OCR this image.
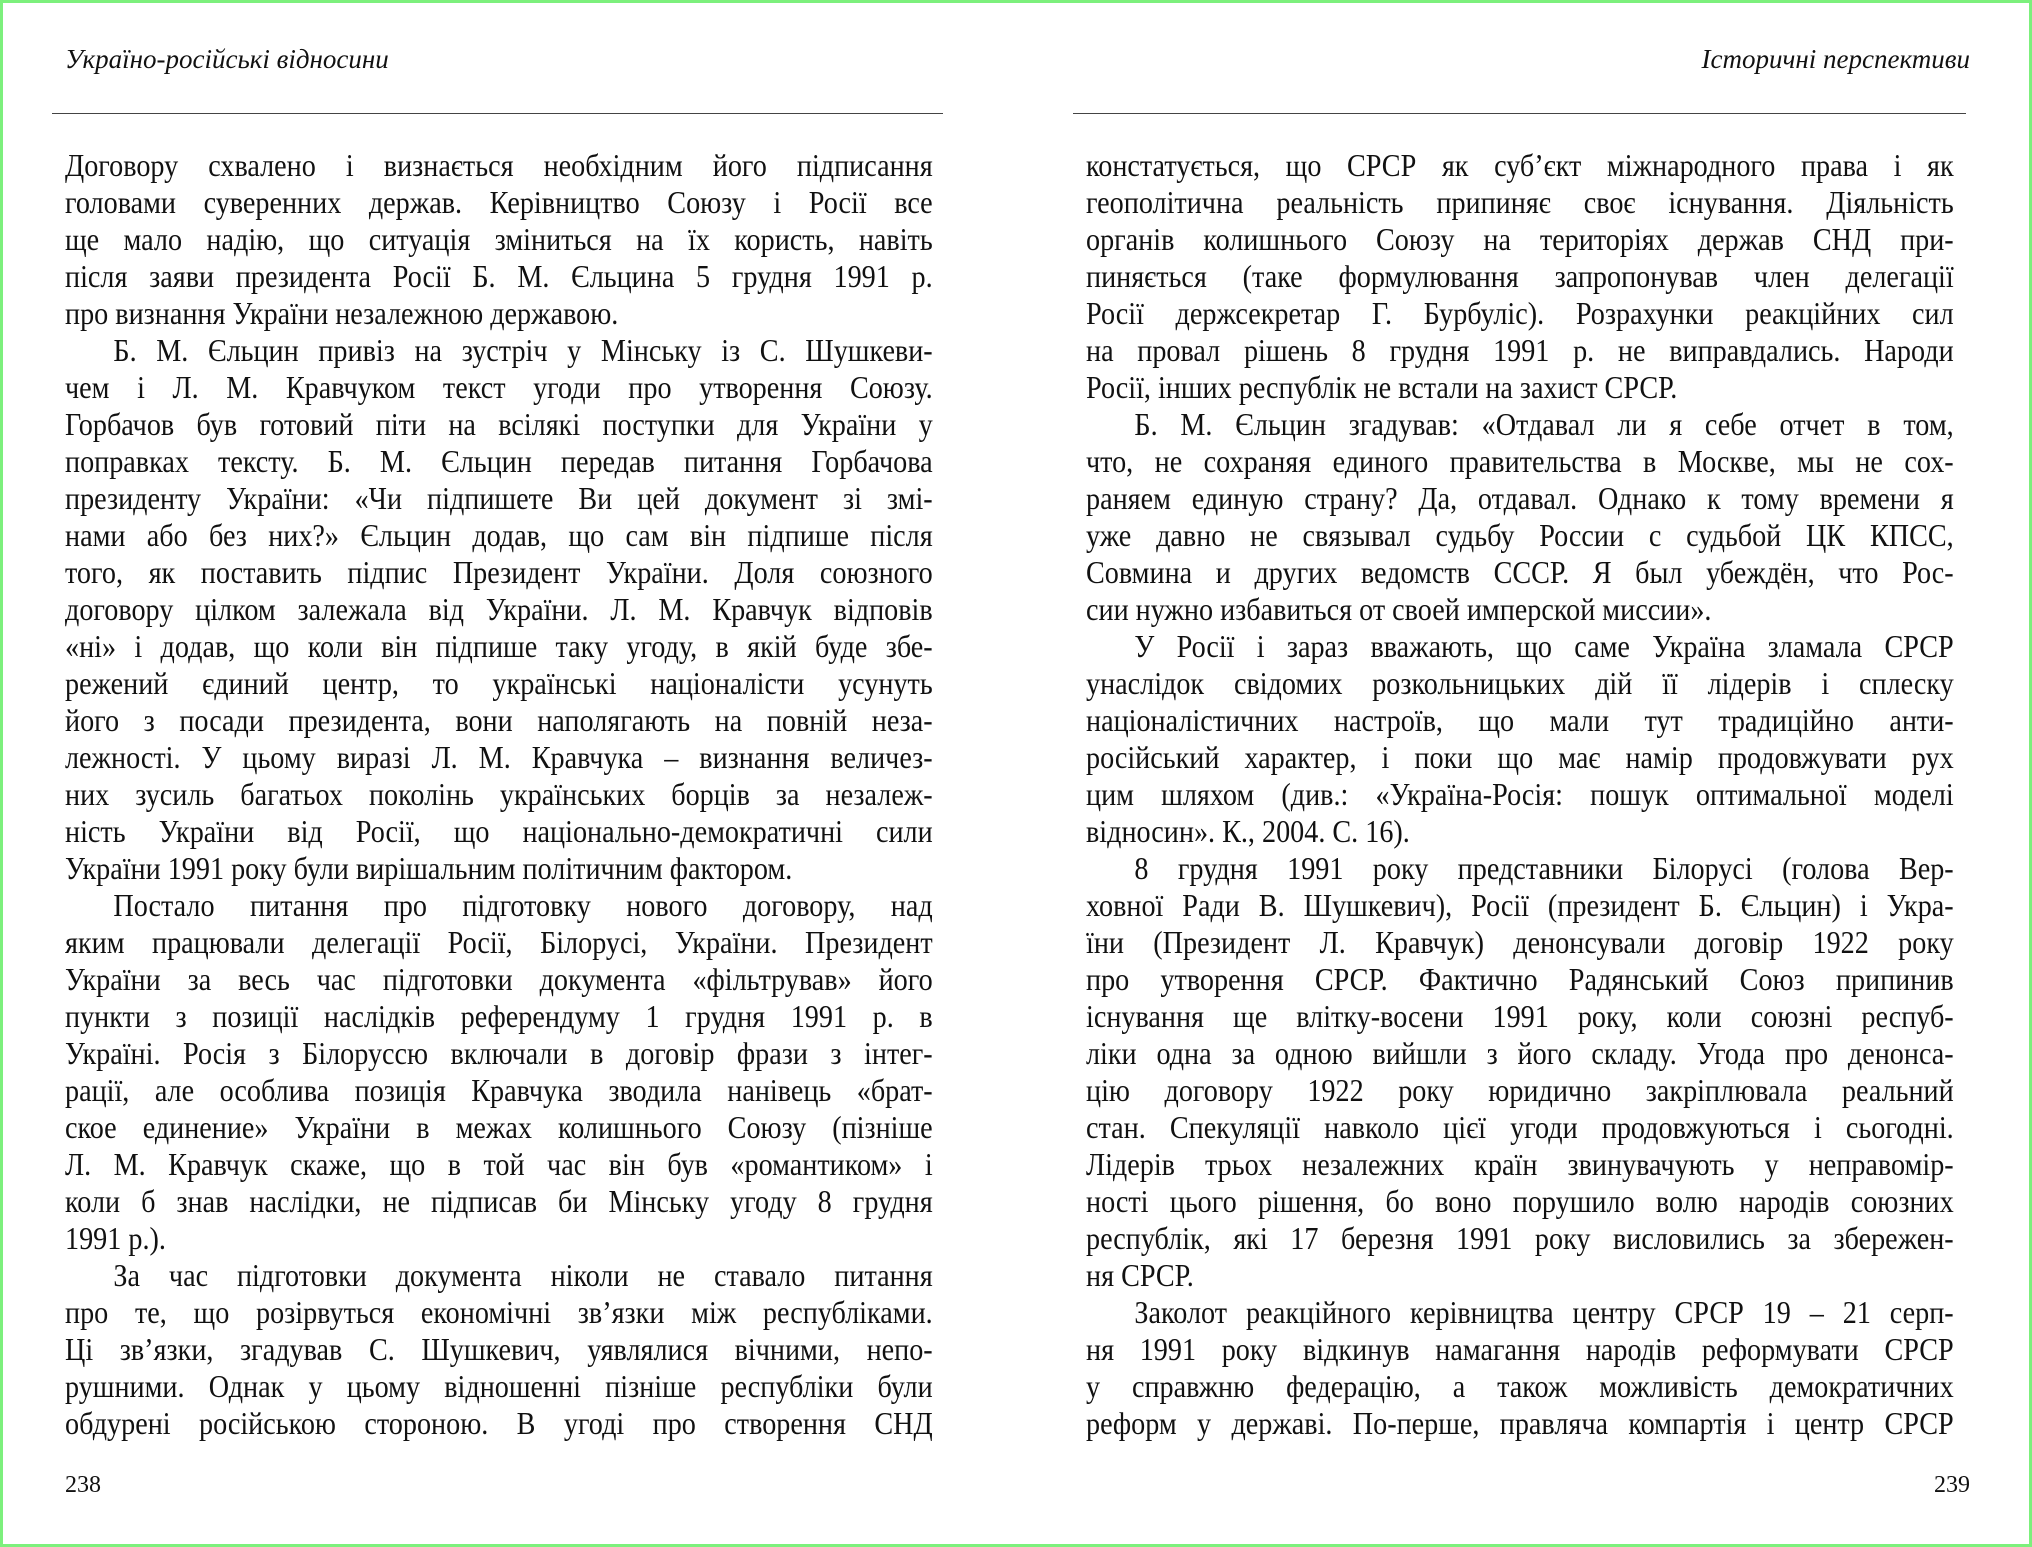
Україно-російські відносини
Договору схвалено і визнається необхідним його підписання
головами суверенних держав. Керівництво Союзу і Росії все
ще мало надію, що ситуація зміниться на їх користь, навіть
після заяви президента Росії Б. М. Єльцина 5 грудня 1991 р.
про визнання України незалежною державою.
Б. М. Єльцин привіз на зустріч у Мінську із С. Шушкеви-
чем і Л. М. Кравчуком текст угоди про утворення Союзу.
Горбачов був готовий піти на всілякі поступки для України у
поправках тексту. Б. М. Єльцин передав питання Горбачова
президенту України: «Чи підпишете Ви цей документ зі змі-
нами або без них?» Єльцин додав, що сам він підпише після
того, як поставить підпис Президент України. Доля союзного
договору цілком залежала від України. Л. М. Кравчук відповів
«ні» і додав, що коли він підпише таку угоду, в якій буде збе-
режений єдиний центр, то українські націоналісти усунуть
його з посади президента, вони наполягають на повній неза-
лежності. У цьому виразі Л. М. Кравчука – визнання величез-
них зусиль багатьох поколінь українських борців за незалеж-
ність України від Росії, що національно-демократичні сили
України 1991 року були вирішальним політичним фактором.
Постало питання про підготовку нового договору, над
яким працювали делегації Росії, Білорусі, України. Президент
України за весь час підготовки документа «фільтрував» його
пункти з позиції наслідків референдуму 1 грудня 1991 р. в
Україні. Росія з Білоруссю включали в договір фрази з інтег-
рації, але особлива позиція Кравчука зводила нанівець «брат-
ское единение» України в межах колишнього Союзу (пізніше
Л. М. Кравчук скаже, що в той час він був «романтиком» і
коли б знав наслідки, не підписав би Мінську угоду 8 грудня
1991 р.).
За час підготовки документа ніколи не ставало питання
про те, що розірвуться економічні зв’язки між республіками.
Ці зв’язки, згадував С. Шушкевич, уявлялися вічними, непо-
рушними. Однак у цьому відношенні пізніше республіки були
обдурені російською стороною. В угоді про створення СНД
238
Історичні перспективи
констатується, що СРСР як суб’єкт міжнародного права і як
геополітична реальність припиняє своє існування. Діяльність
органів колишнього Союзу на територіях держав СНД при-
пиняється (таке формулювання запропонував член делегації
Росії держсекретар Г. Бурбуліс). Розрахунки реакційних сил
на провал рішень 8 грудня 1991 р. не виправдались. Народи
Росії, інших республік не встали на захист СРСР.
Б. М. Єльцин згадував: «Отдавал ли я себе отчет в том,
что, не сохраняя единого правительства в Москве, мы не сох-
раняем единую страну? Да, отдавал. Однако к тому времени я
уже давно не связывал судьбу России с судьбой ЦК КПСС,
Совмина и других ведомств СССР. Я был убеждён, что Рос-
сии нужно избавиться от своей имперской миссии».
У Росії і зараз вважають, що саме Україна зламала СРСР
унаслідок свідомих розкольницьких дій її лідерів і сплеску
націоналістичних настроїв, що мали тут традиційно анти-
російський характер, і поки що має намір продовжувати рух
цим шляхом (див.: «Україна-Росія: пошук оптимальної моделі
відносин». К., 2004. С. 16).
8 грудня 1991 року представники Білорусі (голова Вер-
ховної Ради В. Шушкевич), Росії (президент Б. Єльцин) і Укра-
їни (Президент Л. Кравчук) денонсували договір 1922 року
про утворення СРСР. Фактично Радянський Союз припинив
існування ще влітку-восени 1991 року, коли союзні респуб-
ліки одна за одною вийшли з його складу. Угода про денонса-
цію договору 1922 року юридично закріплювала реальний
стан. Спекуляції навколо цієї угоди продовжуються і сьогодні.
Лідерів трьох незалежних країн звинувачують у неправомір-
ності цього рішення, бо воно порушило волю народів союзних
республік, які 17 березня 1991 року висловились за збережен-
ня СРСР.
Заколот реакційного керівництва центру СРСР 19 – 21 серп-
ня 1991 року відкинув намагання народів реформувати СРСР
у справжню федерацію, а також можливість демократичних
реформ у державі. По-перше, правляча компартія і центр СРСР
239
